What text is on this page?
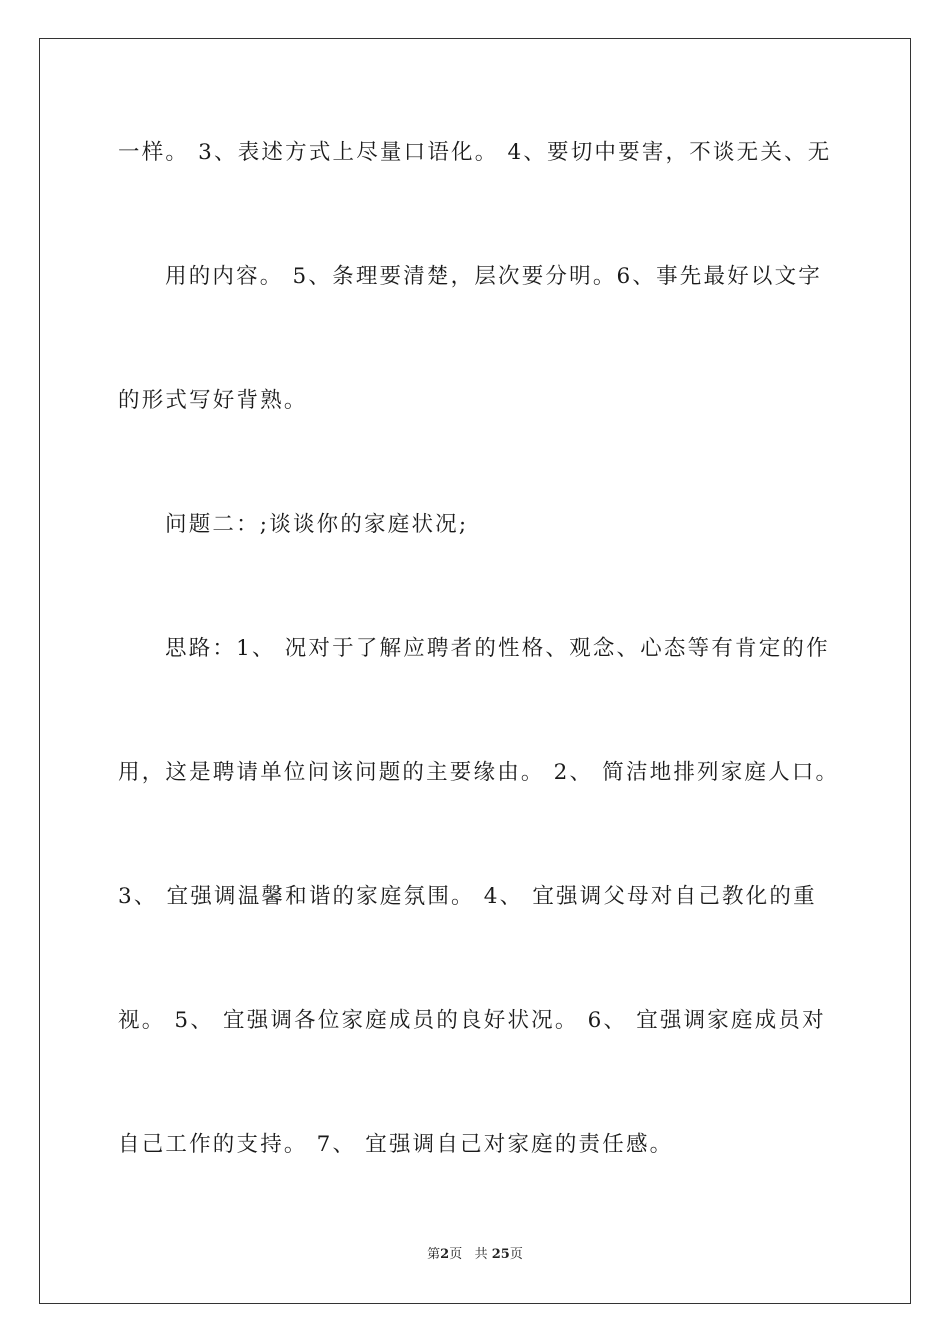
一样。 3、表述方式上尽量口语化。 4、要切中要害，不谈无关、无
用的内容。 5、条理要清楚，层次要分明。6、事先最好以文字
的形式写好背熟。
问题二：;谈谈你的家庭状况;
思路：1、 况对于了解应聘者的性格、观念、心态等有肯定的作
用，这是聘请单位问该问题的主要缘由。 2、 简洁地排列家庭人口。
3、 宜强调温馨和谐的家庭氛围。 4、 宜强调父母对自己教化的重
视。 5、 宜强调各位家庭成员的良好状况。 6、 宜强调家庭成员对
自己工作的支持。 7、 宜强调自己对家庭的责任感。
第2页 共 25页
